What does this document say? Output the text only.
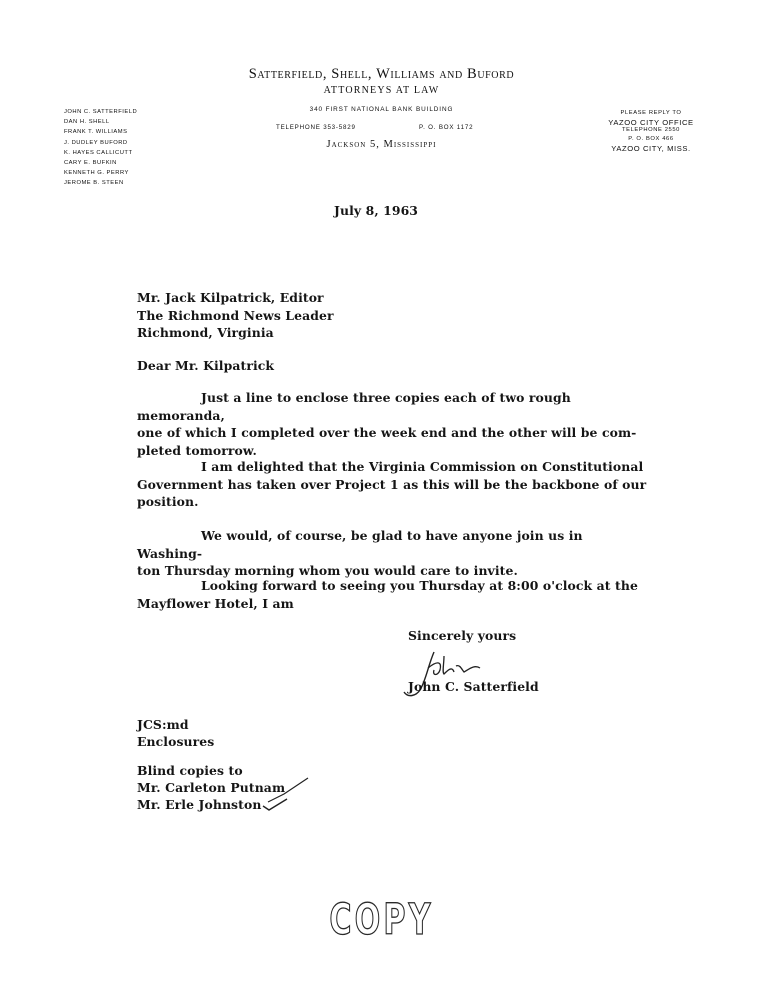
Satterfield, Shell, Williams and Buford
ATTORNEYS AT LAW
340 FIRST NATIONAL BANK BUILDING
TELEPHONE 353-5829	P. O. BOX 1172
Jackson 5, Mississippi
JOHN C. SATTERFIELD
DAN H. SHELL
FRANK T. WILLIAMS
J. DUDLEY BUFORD
K. HAYES CALLICUTT
CARY E. BUFKIN
KENNETH G. PERRY
JEROME B. STEEN
PLEASE REPLY TO
YAZOO CITY OFFICE
TELEPHONE 2550
P. O. BOX 466
YAZOO CITY, MISS.
July 8, 1963
Mr. Jack Kilpatrick, Editor
The Richmond News Leader
Richmond, Virginia
Dear Mr. Kilpatrick
Just a line to enclose three copies each of two rough memoranda,
one of which I completed over the week end and the other will be com-
pleted tomorrow.
I am delighted that the Virginia Commission on Constitutional
Government has taken over Project 1 as this will be the backbone of our
position.
We would, of course, be glad to have anyone join us in Washing-
ton Thursday morning whom you would care to invite.
Looking forward to seeing you Thursday at 8:00 o'clock at the
Mayflower Hotel, I am
Sincerely yours
John C. Satterfield
JCS:md
Enclosures
Blind copies to
Mr. Carleton Putnam
Mr. Erle Johnston
COPY
